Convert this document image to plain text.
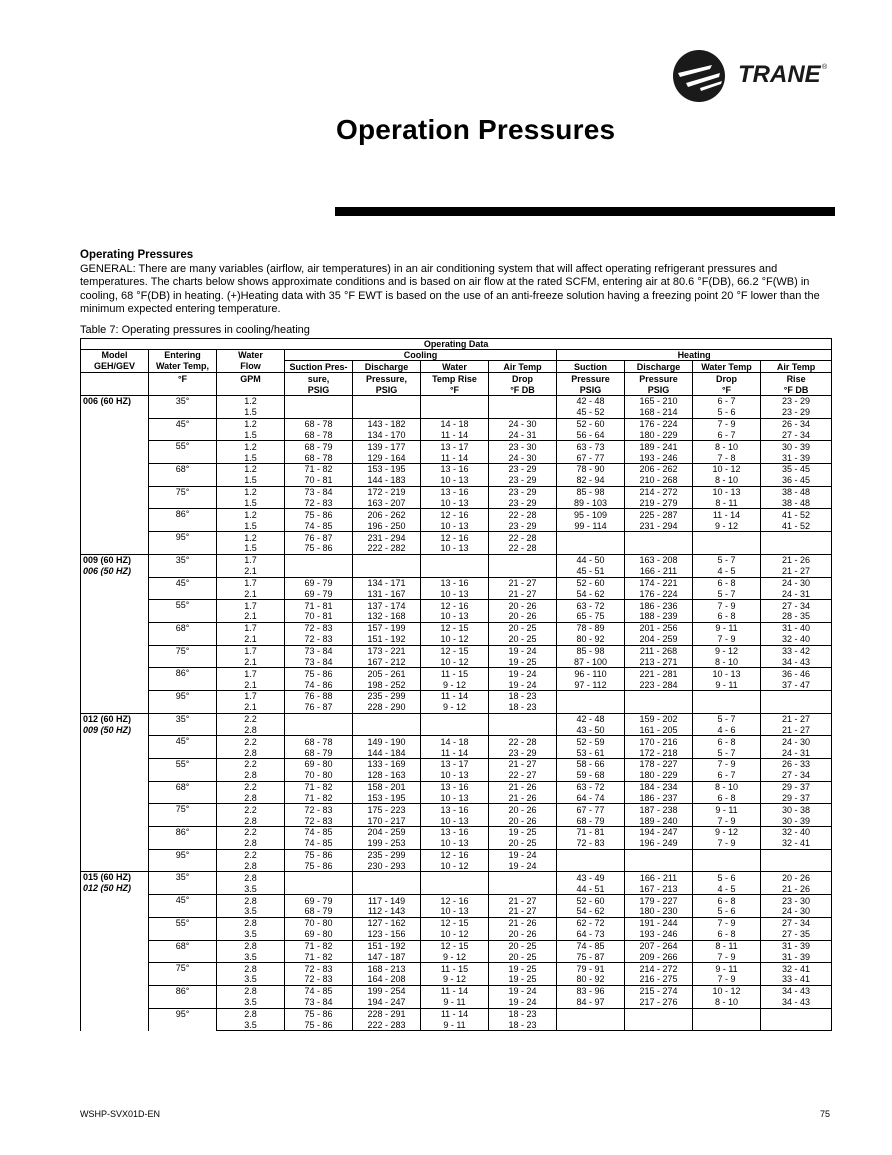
TRANE ®
Operation Pressures
Operating Pressures
GENERAL: There are many variables (airflow, air temperatures) in an air conditioning system that will affect operating refrigerant pressures and temperatures. The charts below shows approximate conditions and is based on air flow at the rated SCFM, entering air at 80.6 °F(DB), 66.2 °F(WB) in cooling, 68 °F(DB) in heating. (+)Heating data with 35 °F EWT is based on the use of an anti-freeze solution having a freezing point 20 °F lower than the minimum expected entering temperature.
Table 7: Operating pressures in cooling/heating
Operating Data										
Model	Entering	Water	Cooling				Heating			
GEH/GEV	Water Temp,	Flow	Suction Pres-	Discharge	Water	Air Temp	Suction	Discharge	Water Temp	Air Temp
	°F	GPM	sure,	Pressure,	Temp Rise	Drop	Pressure	Pressure	Drop	Rise
			PSIG	PSIG	°F	°F DB	PSIG	PSIG	°F	°F DB
006 (60 HZ)	35°	1.2					42 - 48	165 - 210	6 - 7	23 - 29
		1.5					45 - 52	168 - 214	5 - 6	23 - 29
	45°	1.2	68 - 78	143 - 182	14 - 18	24 - 30	52 - 60	176 - 224	7 - 9	26 - 34
		1.5	68 - 78	134 - 170	11 - 14	24 - 31	56 - 64	180 - 229	6 - 7	27 - 34
	55°	1.2	68 - 79	139 - 177	13 - 17	23 - 30	63 - 73	189 - 241	8 - 10	30 - 39
		1.5	68 - 78	129 - 164	11 - 14	24 - 30	67 - 77	193 - 246	7 - 8	31 - 39
	68°	1.2	71 - 82	153 - 195	13 - 16	23 - 29	78 - 90	206 - 262	10 - 12	35 - 45
		1.5	70 - 81	144 - 183	10 - 13	23 - 29	82 - 94	210 - 268	8 - 10	36 - 45
	75°	1.2	73 - 84	172 - 219	13 - 16	23 - 29	85 - 98	214 - 272	10 - 13	38 - 48
		1.5	72 - 83	163 - 207	10 - 13	23 - 29	89 - 103	219 - 279	8 - 11	38 - 48
	86°	1.2	75 - 86	206 - 262	12 - 16	22 - 28	95 - 109	225 - 287	11 - 14	41 - 52
		1.5	74 - 85	196 - 250	10 - 13	23 - 29	99 - 114	231 - 294	9 - 12	41 - 52
	95°	1.2	76 - 87	231 - 294	12 - 16	22 - 28				
		1.5	75 - 86	222 - 282	10 - 13	22 - 28				
009 (60 HZ)
006 (50 HZ)	35°	1.7					44 - 50	163 - 208	5 - 7	21 - 26
		2.1					45 - 51	166 - 211	4 - 5	21 - 27
	45°	1.7	69 - 79	134 - 171	13 - 16	21 - 27	52 - 60	174 - 221	6 - 8	24 - 30
		2.1	69 - 79	131 - 167	10 - 13	21 - 27	54 - 62	176 - 224	5 - 7	24 - 31
	55°	1.7	71 - 81	137 - 174	12 - 16	20 - 26	63 - 72	186 - 236	7 - 9	27 - 34
		2.1	70 - 81	132 - 168	10 - 13	20 - 26	65 - 75	188 - 239	6 - 8	28 - 35
	68°	1.7	72 - 83	157 - 199	12 - 15	20 - 25	78 - 89	201 - 256	9 - 11	31 - 40
		2.1	72 - 83	151 - 192	10 - 12	20 - 25	80 - 92	204 - 259	7 - 9	32 - 40
	75°	1.7	73 - 84	173 - 221	12 - 15	19 - 24	85 - 98	211 - 268	9 - 12	33 - 42
		2.1	73 - 84	167 - 212	10 - 12	19 - 25	87 - 100	213 - 271	8 - 10	34 - 43
	86°	1.7	75 - 86	205 - 261	11 - 15	19 - 24	96 - 110	221 - 281	10 - 13	36 - 46
		2.1	74 - 86	198 - 252	9 - 12	19 - 24	97 - 112	223 - 284	9 - 11	37 - 47
	95°	1.7	76 - 88	235 - 299	11 - 14	18 - 23				
		2.1	76 - 87	228 - 290	9 - 12	18 - 23				
012 (60 HZ)
009 (50 HZ)	35°	2.2					42 - 48	159 - 202	5 - 7	21 - 27
		2.8					43 - 50	161 - 205	4 - 6	21 - 27
	45°	2.2	68 - 78	149 - 190	14 - 18	22 - 28	52 - 59	170 - 216	6 - 8	24 - 30
		2.8	68 - 79	144 - 184	11 - 14	23 - 29	53 - 61	172 - 218	5 - 7	24 - 31
	55°	2.2	69 - 80	133 - 169	13 - 17	21 - 27	58 - 66	178 - 227	7 - 9	26 - 33
		2.8	70 - 80	128 - 163	10 - 13	22 - 27	59 - 68	180 - 229	6 - 7	27 - 34
	68°	2.2	71 - 82	158 - 201	13 - 16	21 - 26	63 - 72	184 - 234	8 - 10	29 - 37
		2.8	71 - 82	153 - 195	10 - 13	21 - 26	64 - 74	186 - 237	6 - 8	29 - 37
	75°	2.2	72 - 83	175 - 223	13 - 16	20 - 26	67 - 77	187 - 238	9 - 11	30 - 38
		2.8	72 - 83	170 - 217	10 - 13	20 - 26	68 - 79	189 - 240	7 - 9	30 - 39
	86°	2.2	74 - 85	204 - 259	13 - 16	19 - 25	71 - 81	194 - 247	9 - 12	32 - 40
		2.8	74 - 85	199 - 253	10 - 13	20 - 25	72 - 83	196 - 249	7 - 9	32 - 41
	95°	2.2	75 - 86	235 - 299	12 - 16	19 - 24				
		2.8	75 - 86	230 - 293	10 - 12	19 - 24				
015 (60 HZ)
012 (50 HZ)	35°	2.8					43 - 49	166 - 211	5 - 6	20 - 26
		3.5					44 - 51	167 - 213	4 - 5	21 - 26
	45°	2.8	69 - 79	117 - 149	12 - 16	21 - 27	52 - 60	179 - 227	6 - 8	23 - 30
		3.5	68 - 79	112 - 143	10 - 13	21 - 27	54 - 62	180 - 230	5 - 6	24 - 30
	55°	2.8	70 - 80	127 - 162	12 - 15	21 - 26	62 - 72	191 - 244	7 - 9	27 - 34
		3.5	69 - 80	123 - 156	10 - 12	20 - 26	64 - 73	193 - 246	6 - 8	27 - 35
	68°	2.8	71 - 82	151 - 192	12 - 15	20 - 25	74 - 85	207 - 264	8 - 11	31 - 39
		3.5	71 - 82	147 - 187	9 - 12	20 - 25	75 - 87	209 - 266	7 - 9	31 - 39
	75°	2.8	72 - 83	168 - 213	11 - 15	19 - 25	79 - 91	214 - 272	9 - 11	32 - 41
		3.5	72 - 83	164 - 208	9 - 12	19 - 25	80 - 92	216 - 275	7 - 9	33 - 41
	86°	2.8	74 - 85	199 - 254	11 - 14	19 - 24	83 - 96	215 - 274	10 - 12	34 - 43
		3.5	73 - 84	194 - 247	9 - 11	19 - 24	84 - 97	217 - 276	8 - 10	34 - 43
	95°	2.8	75 - 86	228 - 291	11 - 14	18 - 23				
		3.5	75 - 86	222 - 283	9 - 11	18 - 23				
WSHP-SVX01D-EN	75
